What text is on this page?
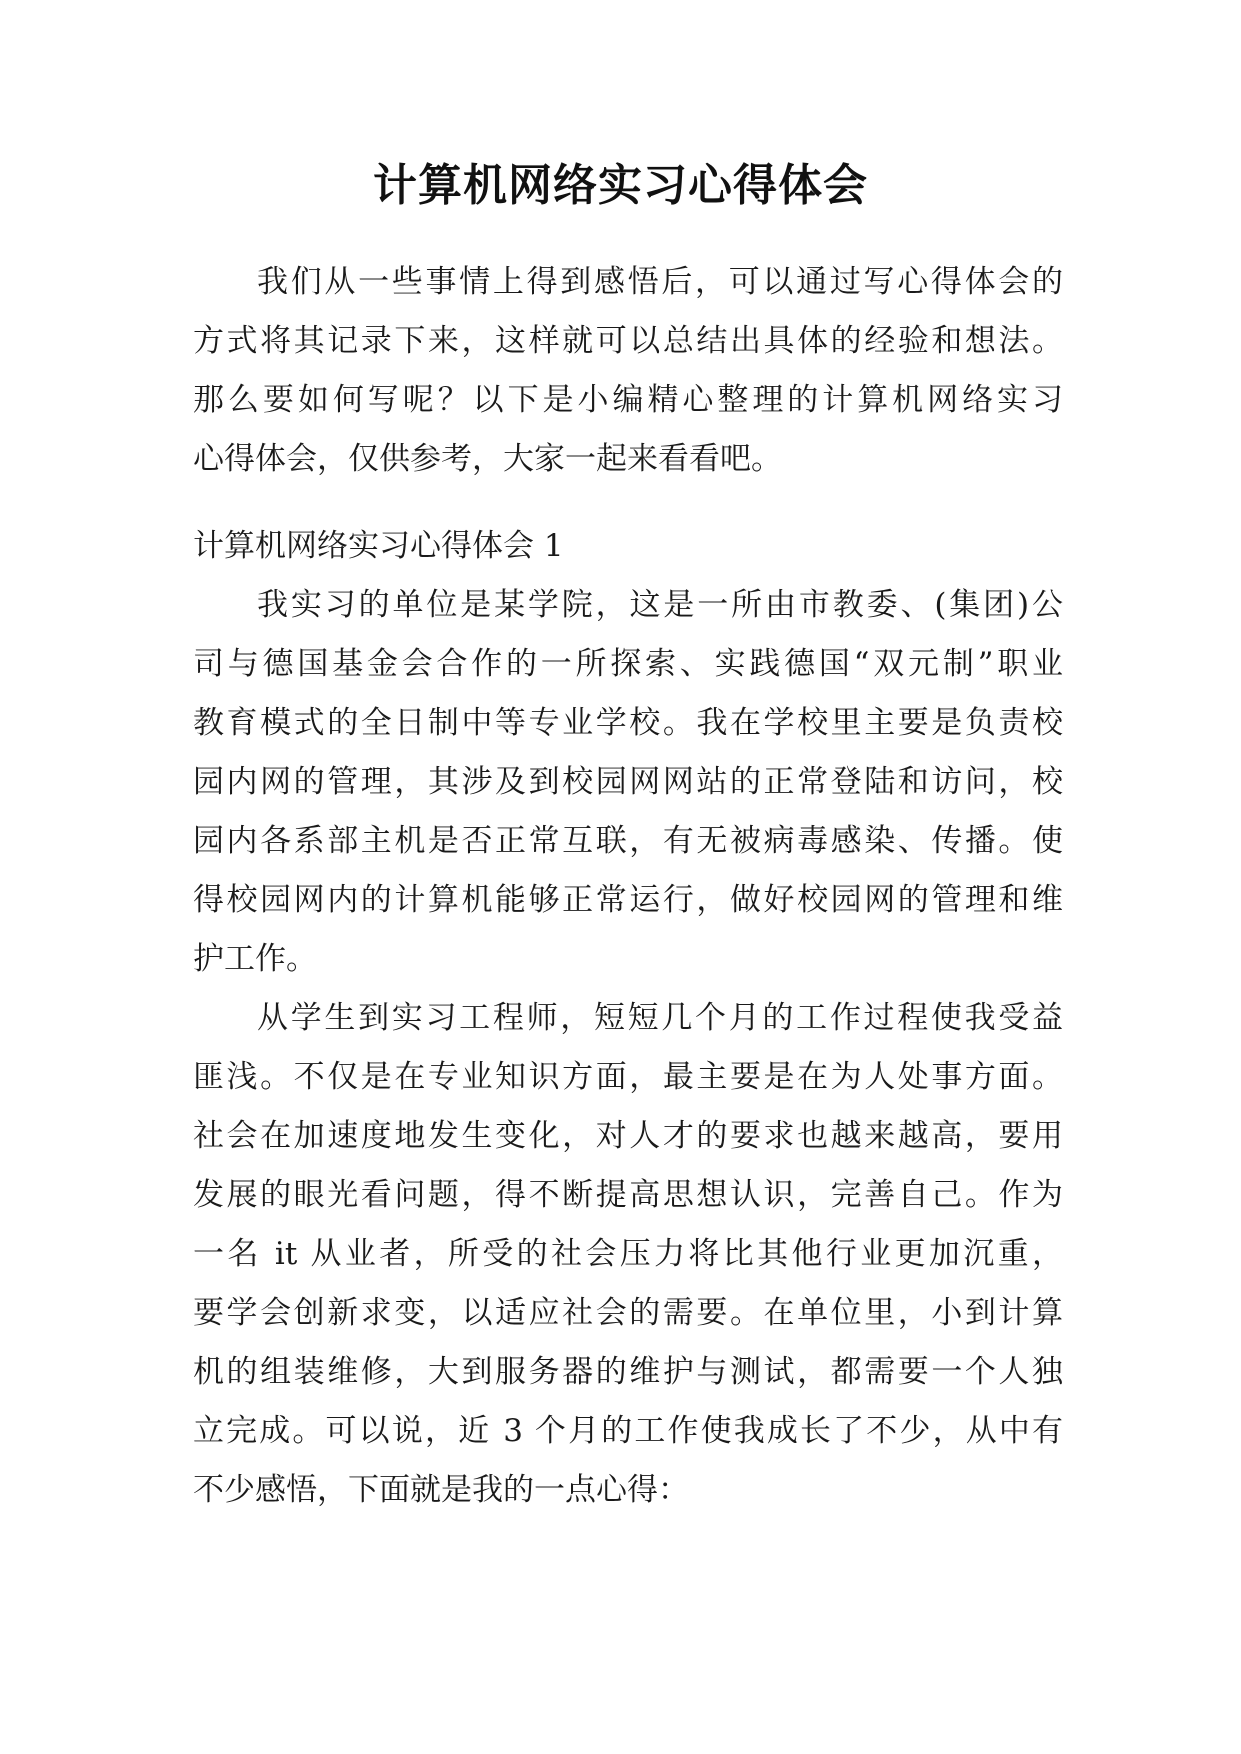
计算机网络实习心得体会
我们从一些事情上得到感悟后，可以通过写心得体会的
方式将其记录下来，这样就可以总结出具体的经验和想法。
那么要如何写呢？以下是小编精心整理的计算机网络实习
心得体会，仅供参考，大家一起来看看吧。
计算机网络实习心得体会 1
我实习的单位是某学院，这是一所由市教委、(集团)公
司与德国基金会合作的一所探索、实践德国“双元制”职业
教育模式的全日制中等专业学校。我在学校里主要是负责校
园内网的管理，其涉及到校园网网站的正常登陆和访问，校
园内各系部主机是否正常互联，有无被病毒感染、传播。使
得校园网内的计算机能够正常运行，做好校园网的管理和维
护工作。
从学生到实习工程师，短短几个月的工作过程使我受益
匪浅。不仅是在专业知识方面，最主要是在为人处事方面。
社会在加速度地发生变化，对人才的要求也越来越高，要用
发展的眼光看问题，得不断提高思想认识，完善自己。作为
一名 it 从业者，所受的社会压力将比其他行业更加沉重，
要学会创新求变，以适应社会的需要。在单位里，小到计算
机的组装维修，大到服务器的维护与测试，都需要一个人独
立完成。可以说，近 3 个月的工作使我成长了不少，从中有
不少感悟，下面就是我的一点心得：
